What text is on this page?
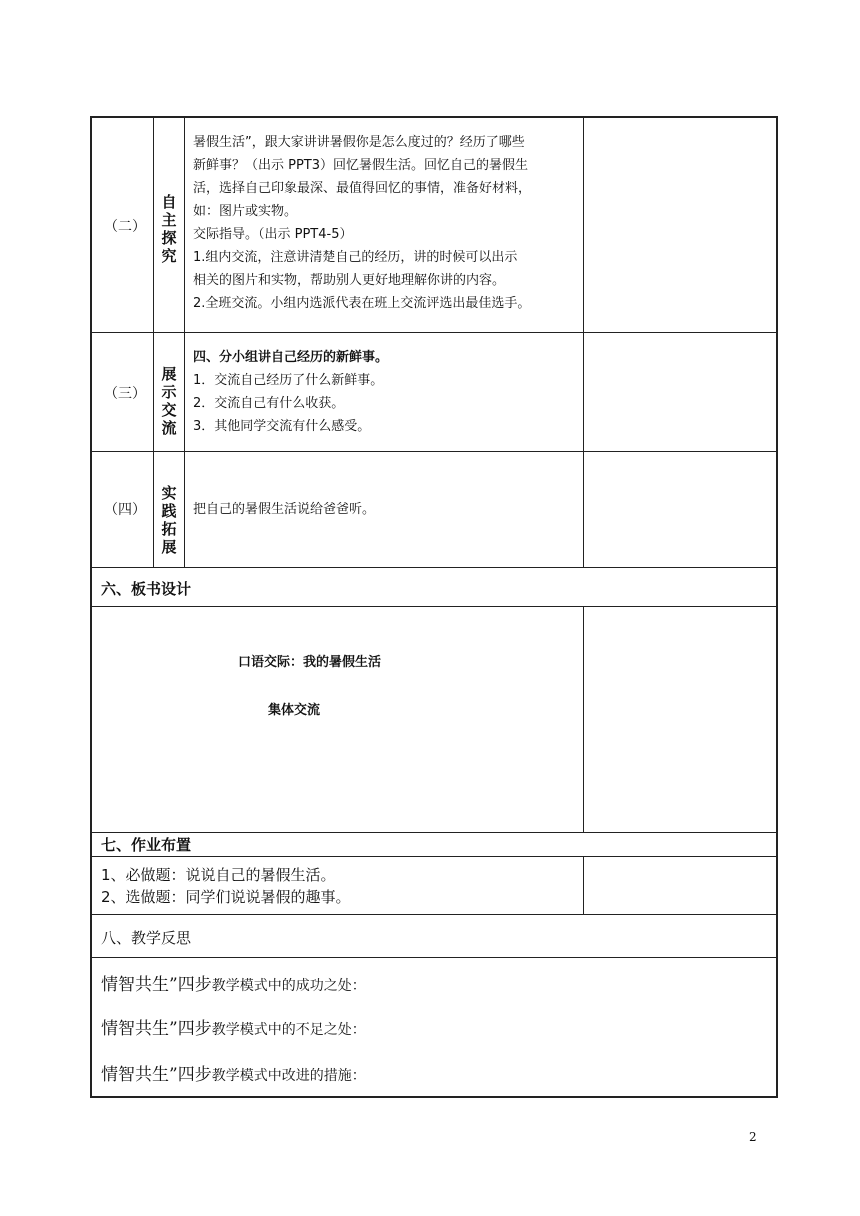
（二）
自
主
探
究
暑假生活”，跟大家讲讲暑假你是怎么度过的？经历了哪些
新鲜事？（出示 PPT3）回忆暑假生活。回忆自己的暑假生
活，选择自己印象最深、最值得回忆的事情，准备好材料，
如：图片或实物。
交际指导。（出示 PPT4-5）
1.组内交流，注意讲清楚自己的经历，讲的时候可以出示
相关的图片和实物，帮助别人更好地理解你讲的内容。
2.全班交流。小组内选派代表在班上交流评选出最佳选手。
（三）
展
示
交
流
四、分小组讲自己经历的新鲜事。
1．交流自己经历了什么新鲜事。
2．交流自己有什么收获。
3．其他同学交流有什么感受。
（四）
实
践
拓
展
把自己的暑假生活说给爸爸听。
六、板书设计
口语交际：我的暑假生活
集体交流
七、作业布置
1、必做题：说说自己的暑假生活。
2、选做题：同学们说说暑假的趣事。
八、教学反思
情智共生”四步教学模式中的成功之处：
情智共生”四步教学模式中的不足之处：
情智共生”四步教学模式中改进的措施：
2
